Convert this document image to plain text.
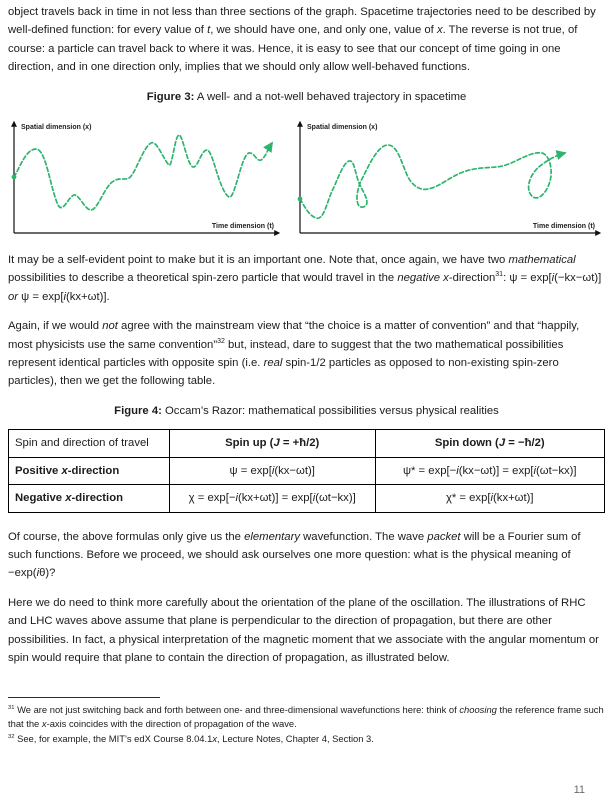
object travels back in time in not less than three sections of the graph. Spacetime trajectories need to be described by well-defined function: for every value of t, we should have one, and only one, value of x. The reverse is not true, of course: a particle can travel back to where it was. Hence, it is easy to see that our concept of time going in one direction, and in one direction only, implies that we should only allow well-behaved functions.

Figure 3: A well- and a not-well behaved trajectory in spacetime

Spatial dimension (x)
Time dimension (t)
Spatial dimension (x)
Time dimension (t)

It may be a self-evident point to make but it is an important one. Note that, once again, we have two mathematical possibilities to describe a theoretical spin-zero particle that would travel in the negative x-direction$^{31}$: ψ = exp[i(−kx−ωt)] or ψ = exp[i(kx+ωt)].

Again, if we would not agree with the mainstream view that “the choice is a matter of convention” and that “happily, most physicists use the same convention”$^{32}$ but, instead, dare to suggest that the two mathematical possibilities represent identical particles with opposite spin (i.e. real spin-1/2 particles as opposed to non-existing spin-zero particles), then we get the following table.

Figure 4: Occam’s Razor: mathematical possibilities versus physical realities

Spin and direction of travel	Spin up (J = +ħ/2)	Spin down (J = −ħ/2)
Positive x-direction	ψ = exp[i(kx−ωt)]	ψ* = exp[−i(kx−ωt)] = exp[i(ωt−kx)]
Negative x-direction	χ = exp[−i(kx+ωt)] = exp[i(ωt−kx)]	χ* = exp[i(kx+ωt)]

Of course, the above formulas only give us the elementary wavefunction. The wave packet will be a Fourier sum of such functions. Before we proceed, we should ask ourselves one more question: what is the physical meaning of −exp(iθ)?

Here we do need to think more carefully about the orientation of the plane of the oscillation. The illustrations of RHC and LHC waves above assume that plane is perpendicular to the direction of propagation, but there are other possibilities. In fact, a physical interpretation of the magnetic moment that we associate with the angular momentum or spin would require that plane to contain the direction of propagation, as illustrated below.

$^{31}$ We are not just switching back and forth between one- and three-dimensional wavefunctions here: think of choosing the reference frame such that the x-axis coincides with the direction of propagation of the wave.
$^{32}$ See, for example, the MIT’s edX Course 8.04.1x, Lecture Notes, Chapter 4, Section 3.
11
